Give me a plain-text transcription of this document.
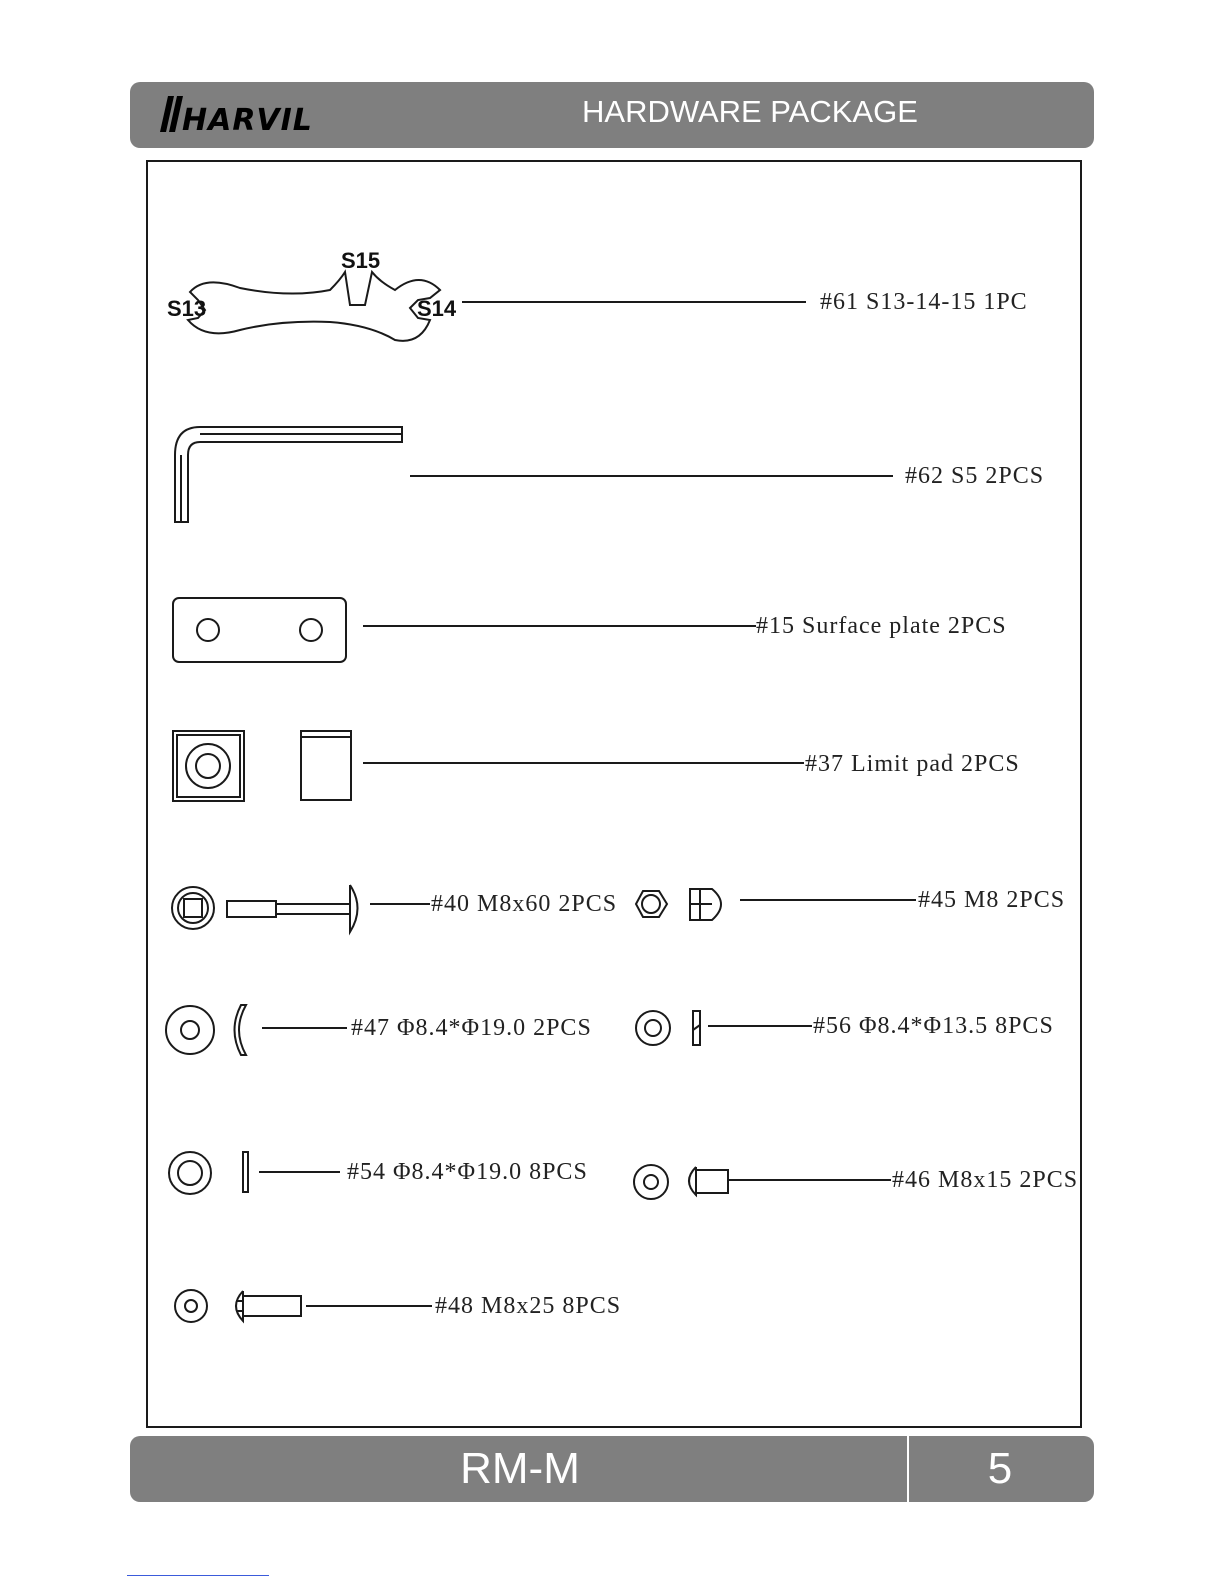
HARVIL	HARDWARE PACKAGE
S15
S13	S14	#61 S13-14-15 1PC
#62 S5 2PCS
#15 Surface plate 2PCS
#37 Limit pad 2PCS
#40 M8x60 2PCS	#45 M8 2PCS
#47 Φ8.4*Φ19.0 2PCS	#56 Φ8.4*Φ13.5 8PCS
#54 Φ8.4*Φ19.0 8PCS	#46 M8x15 2PCS
#48 M8x25 8PCS
RM-M	5
